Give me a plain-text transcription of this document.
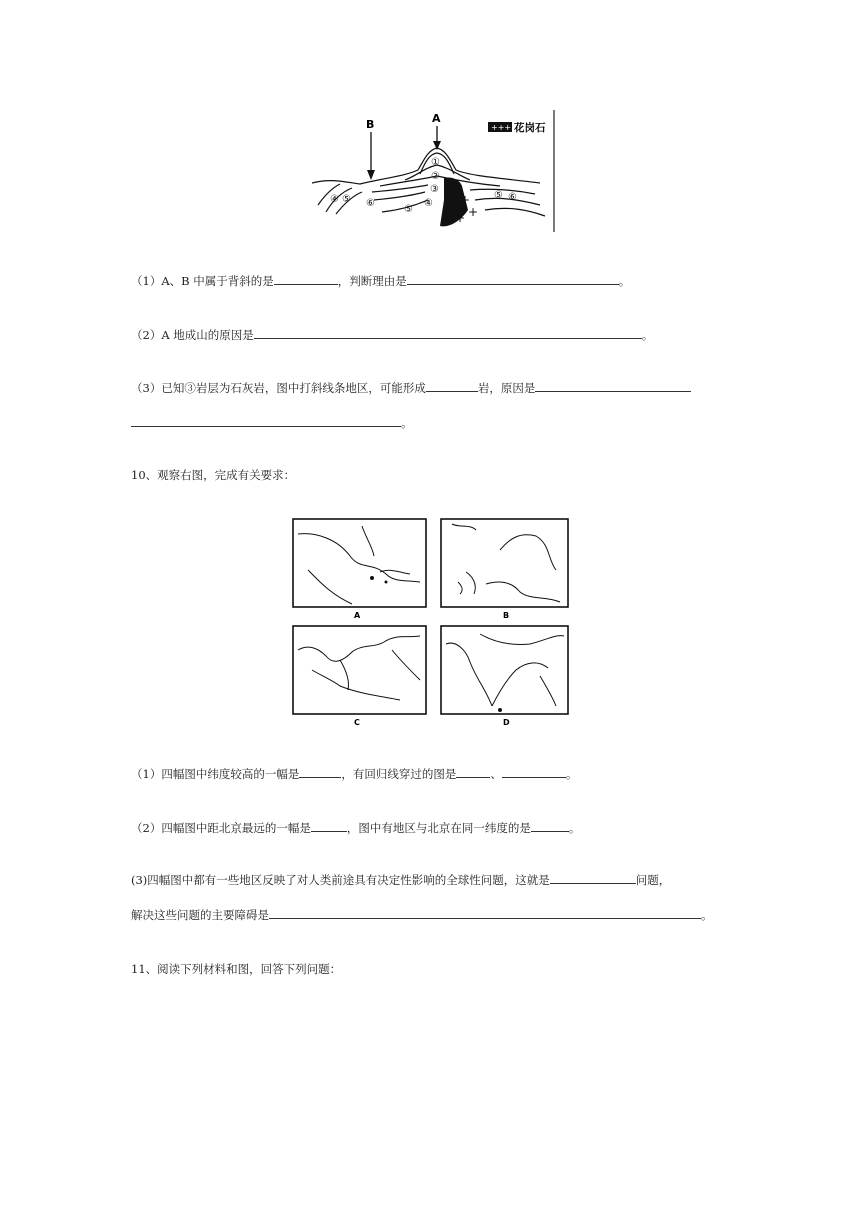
B	A
++++
花岗石
+
+
+ +
①
②
③
④
⑤
⑥
④ ⑤	⑤ ⑥
（1）A、B 中属于背斜的是	，判断理由是	。
（2）A 地成山的原因是	。
（3）已知③岩层为石灰岩，图中打斜线条地区，可能形成	岩，原因是
。
10、观察右图，完成有关要求：
A	B
C	D
（1）四幅图中纬度较高的一幅是	，有回归线穿过的图是	、	。
（2）四幅图中距北京最远的一幅是	，图中有地区与北京在同一纬度的是	。
(3)四幅图中都有一些地区反映了对人类前途具有决定性影响的全球性问题，这就是	问题，
解决这些问题的主要障碍是	。
11、阅读下列材料和图，回答下列问题：
